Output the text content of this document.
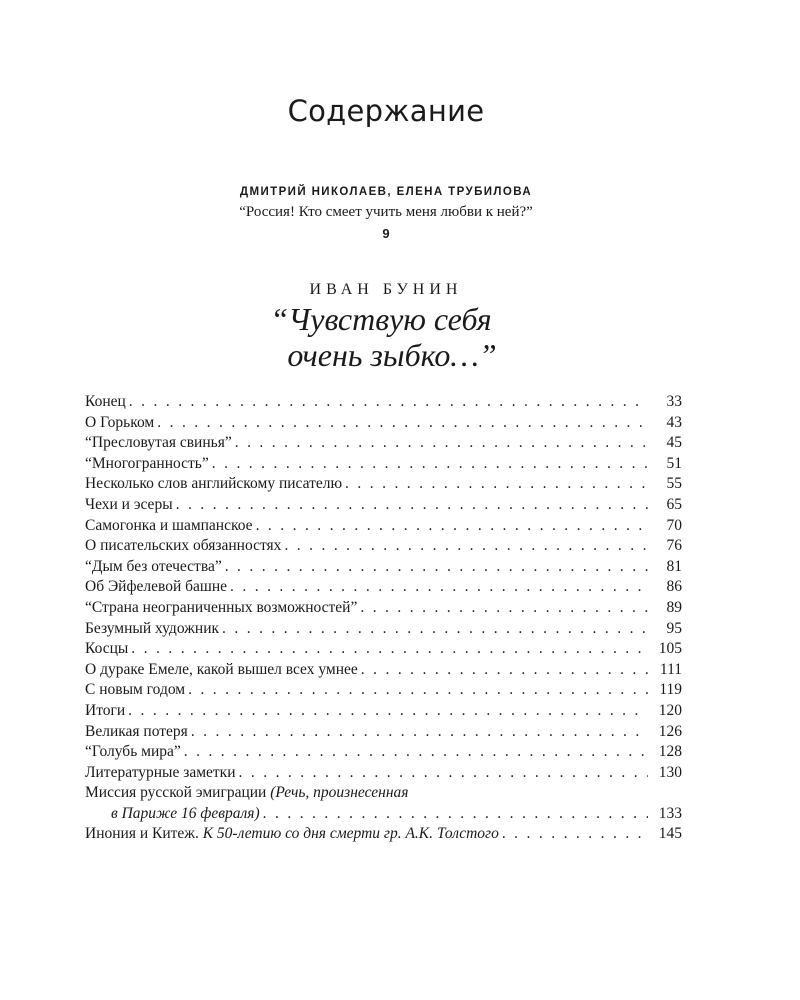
Содержание
ДМИТРИЙ НИКОЛАЕВ, ЕЛЕНА ТРУБИЛОВА
“Россия! Кто смеет учить меня любви к ней?”
9
ИВАН БУНИН
“Чувствую себя
очень зыбко…”
Конец . . .	33
О Горьком . . .	43
“Пресловутая свинья” . . .	45
“Многогранность” . . .	51
Несколько слов английскому писателю . . .	55
Чехи и эсеры . . .	65
Самогонка и шампанское . . .	70
О писательских обязанностях . . .	76
“Дым без отечества” . . .	81
Об Эйфелевой башне . . .	86
“Страна неограниченных возможностей” . . .	89
Безумный художник . . .	95
Косцы . . .	105
О дураке Емеле, какой вышел всех умнее . . .	111
С новым годом . . .	119
Итоги . . .	120
Великая потеря . . .	126
“Голубь мира” . . .	128
Литературные заметки . . .	130
Миссия русской эмиграции (Речь, произнесенная
в Париже 16 февраля) . . .	133
Инония и Китеж. К 50-летию со дня смерти гр. А.К. Толстого . . .	145
